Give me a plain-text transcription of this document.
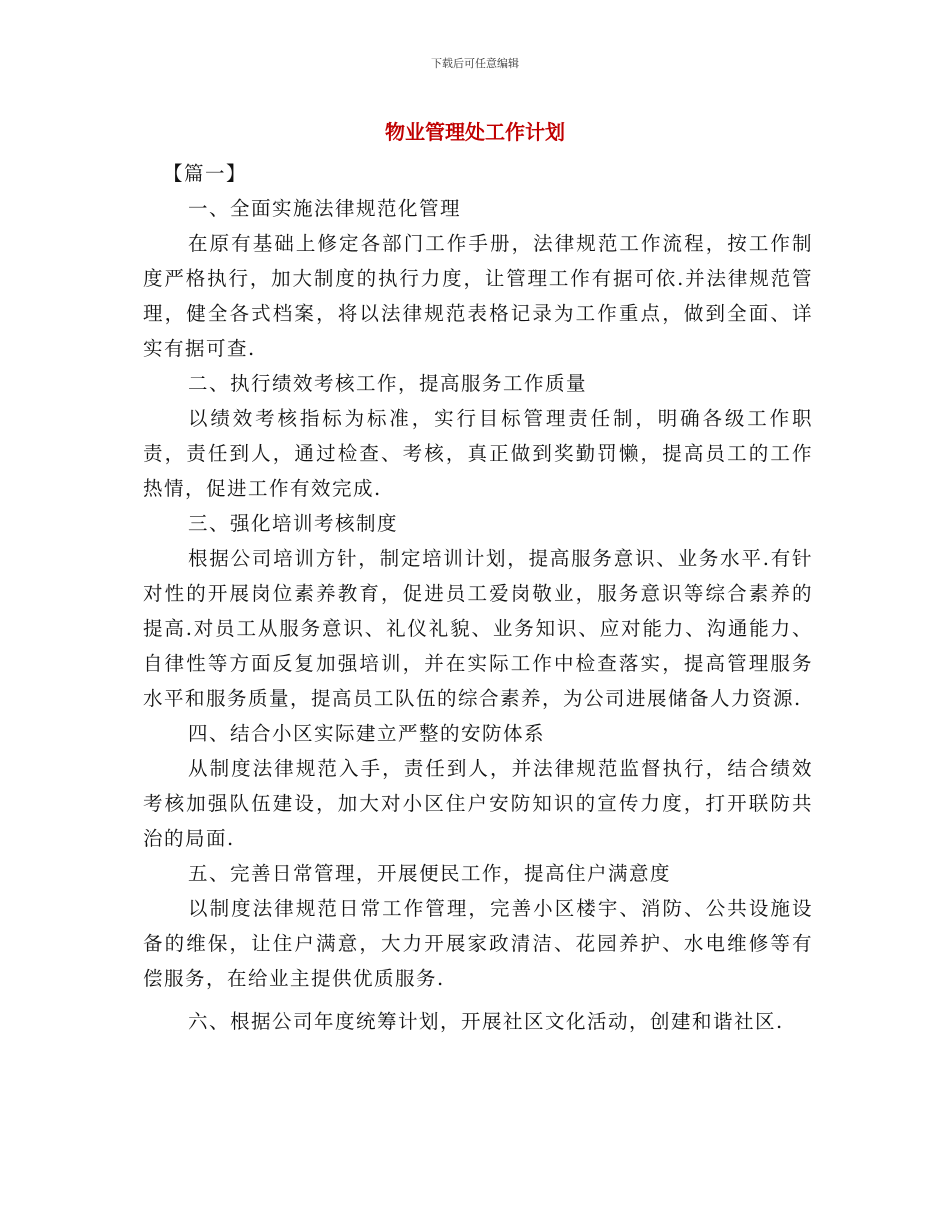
下载后可任意编辑
物业管理处工作计划

【篇一】

一、全面实施法律规范化管理

在原有基础上修定各部门工作手册，法律规范工作流程，按工作制度严格执行，加大制度的执行力度，让管理工作有据可依.并法律规范管理，健全各式档案，将以法律规范表格记录为工作重点，做到全面、详实有据可查.

二、执行绩效考核工作，提高服务工作质量

以绩效考核指标为标准，实行目标管理责任制，明确各级工作职责，责任到人，通过检查、考核，真正做到奖勤罚懒，提高员工的工作热情，促进工作有效完成.

三、强化培训考核制度

根据公司培训方针，制定培训计划，提高服务意识、业务水平.有针对性的开展岗位素养教育，促进员工爱岗敬业，服务意识等综合素养的提高.对员工从服务意识、礼仪礼貌、业务知识、应对能力、沟通能力、自律性等方面反复加强培训，并在实际工作中检查落实，提高管理服务水平和服务质量，提高员工队伍的综合素养，为公司进展储备人力资源.

四、结合小区实际建立严整的安防体系

从制度法律规范入手，责任到人，并法律规范监督执行，结合绩效考核加强队伍建设，加大对小区住户安防知识的宣传力度，打开联防共治的局面.

五、完善日常管理，开展便民工作，提高住户满意度

以制度法律规范日常工作管理，完善小区楼宇、消防、公共设施设备的维保，让住户满意，大力开展家政清洁、花园养护、水电维修等有偿服务，在给业主提供优质服务.

六、根据公司年度统筹计划，开展社区文化活动，创建和谐社区.
